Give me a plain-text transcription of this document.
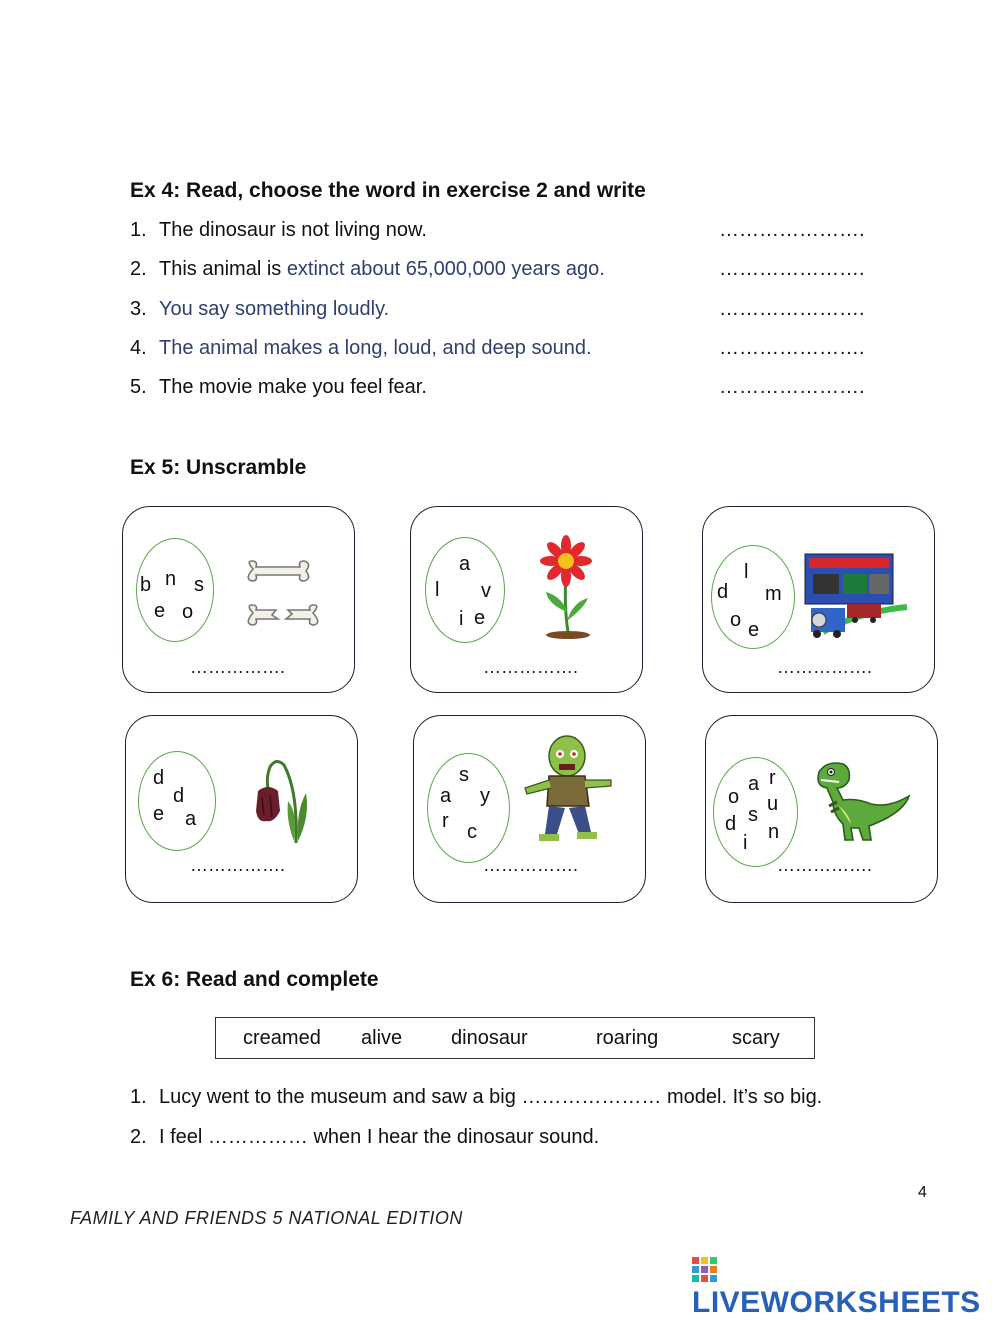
Ex 4: Read, choose the word in exercise 2 and write
1. The dinosaur is not living now.	………………….
2. This animal is extinct about 65,000,000 years ago.	………………….
3. You say something loudly.	………………….
4. The animal makes a long, loud, and deep sound.	………………….
5. The movie make you feel fear.	………………….
Ex 5: Unscramble
b n s
e o
…………….
a
l v
i e
…………….
l
d m
o e
…………….
d
d
e a
…………….
s
a y
r c
…………….
a r
o u
s
d n
i
…………….
Ex 6: Read and complete
creamed alive dinosaur	roaring	scary
1. Lucy went to the museum and saw a big ………………… model. It’s so big.
2. I feel …………… when I hear the dinosaur sound.
4
FAMILY AND FRIENDS 5 NATIONAL EDITION
LIVEWORKSHEETS
